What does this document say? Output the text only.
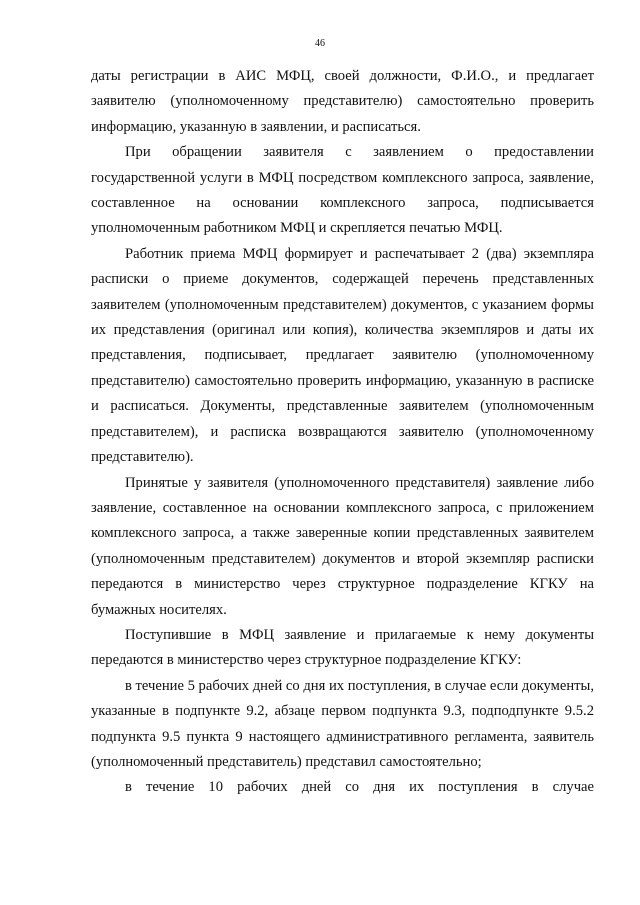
46

даты регистрации в АИС МФЦ, своей должности, Ф.И.О., и предлагает заявителю (уполномоченному представителю) самостоятельно проверить информацию, указанную в заявлении, и расписаться.

При обращении заявителя с заявлением о предоставлении государственной услуги в МФЦ посредством комплексного запроса, заявление, составленное на основании комплексного запроса, подписывается уполномоченным работником МФЦ и скрепляется печатью МФЦ.

Работник приема МФЦ формирует и распечатывает 2 (два) экземпляра расписки о приеме документов, содержащей перечень представленных заявителем (уполномоченным представителем) документов, с указанием формы их представления (оригинал или копия), количества экземпляров и даты их представления, подписывает, предлагает заявителю (уполномоченному представителю) самостоятельно проверить информацию, указанную в расписке и расписаться. Документы, представленные заявителем (уполномоченным представителем), и расписка возвращаются заявителю (уполномоченному представителю).

Принятые у заявителя (уполномоченного представителя) заявление либо заявление, составленное на основании комплексного запроса, с приложением комплексного запроса, а также заверенные копии представленных заявителем (уполномоченным представителем) документов и второй экземпляр расписки передаются в министерство через структурное подразделение КГКУ на бумажных носителях.

Поступившие в МФЦ заявление и прилагаемые к нему документы передаются в министерство через структурное подразделение КГКУ:

в течение 5 рабочих дней со дня их поступления, в случае если документы, указанные в подпункте 9.2, абзаце первом подпункта 9.3, подподпункте 9.5.2 подпункта 9.5 пункта 9 настоящего административного регламента, заявитель (уполномоченный представитель) представил самостоятельно;

в течение 10 рабочих дней со дня их поступления в случае
